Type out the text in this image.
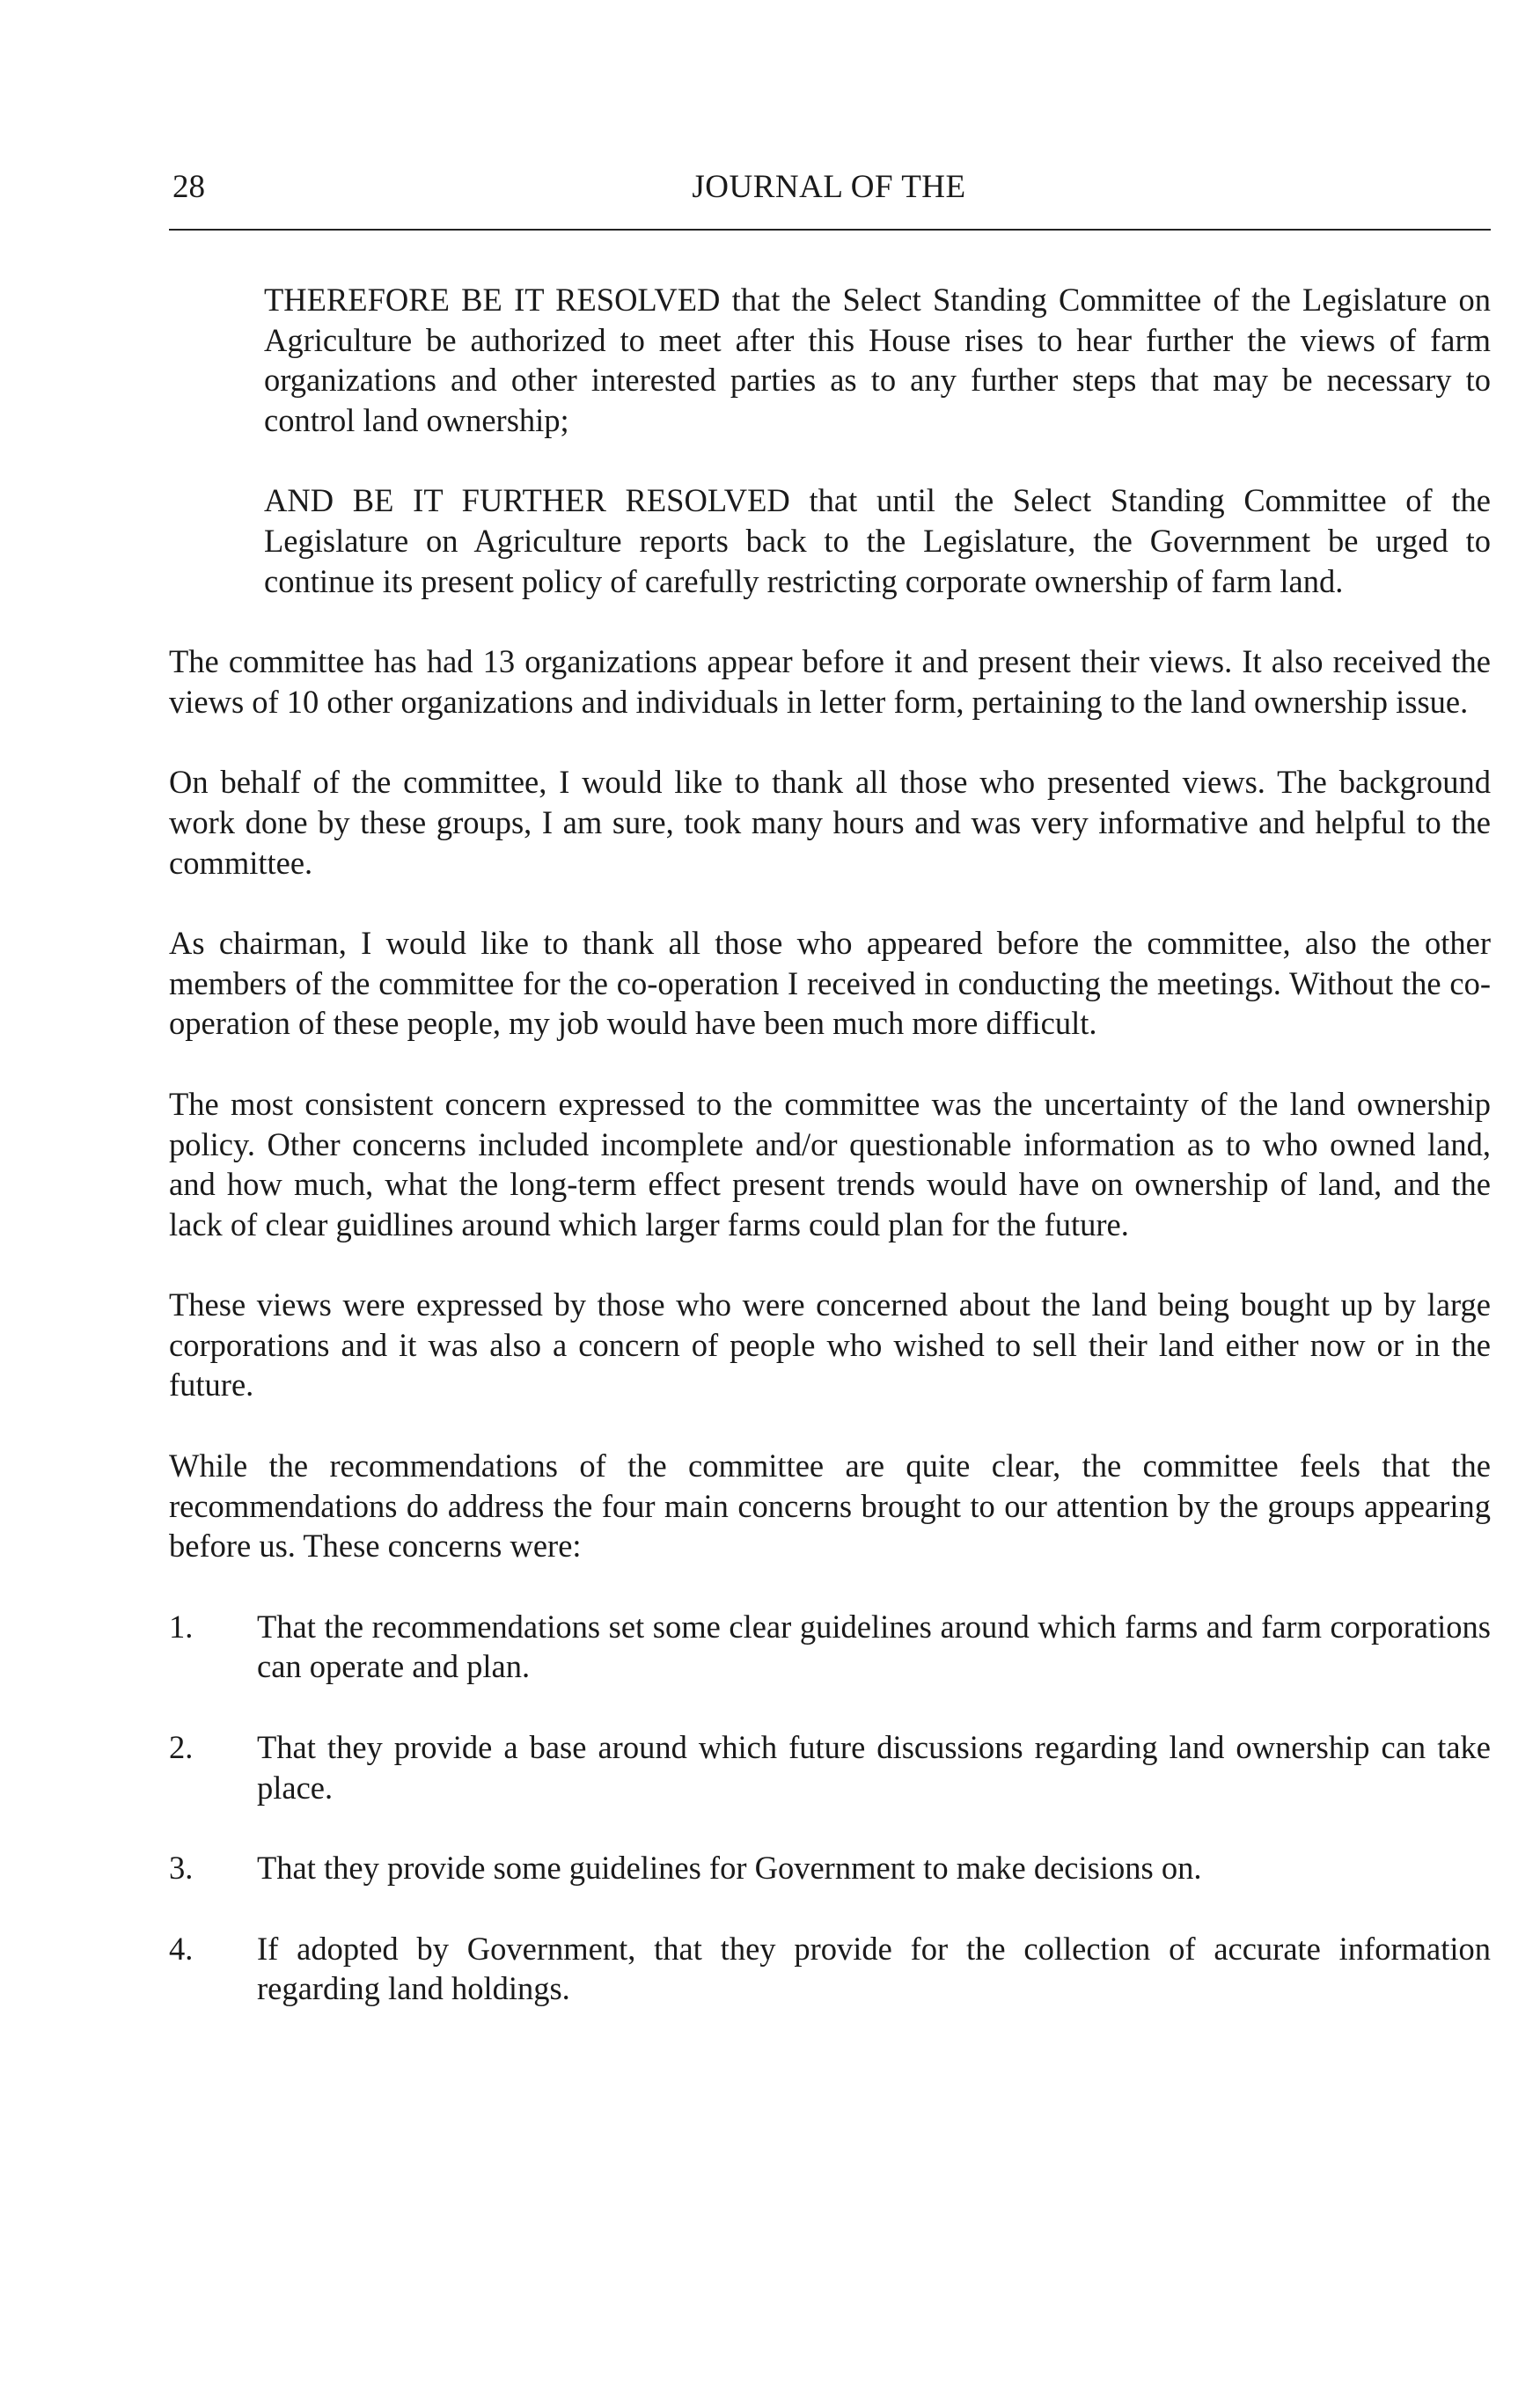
28	JOURNAL OF THE

THEREFORE BE IT RESOLVED that the Select Standing Committee of the Legislature on Agriculture be authorized to meet after this House rises to hear further the views of farm organizations and other interested parties as to any further steps that may be necessary to control land ownership;

AND BE IT FURTHER RESOLVED that until the Select Standing Committee of the Legislature on Agriculture reports back to the Legislature, the Government be urged to continue its present policy of carefully restricting corporate ownership of farm land.

The committee has had 13 organizations appear before it and present their views. It also received the views of 10 other organizations and individuals in letter form, pertaining to the land ownership issue.

On behalf of the committee, I would like to thank all those who presented views. The background work done by these groups, I am sure, took many hours and was very informative and helpful to the committee.

As chairman, I would like to thank all those who appeared before the committee, also the other members of the committee for the co-operation I received in conducting the meetings. Without the co-operation of these people, my job would have been much more difficult.

The most consistent concern expressed to the committee was the uncertainty of the land ownership policy. Other concerns included incomplete and/or questionable information as to who owned land, and how much, what the long-term effect present trends would have on ownership of land, and the lack of clear guidlines around which larger farms could plan for the future.

These views were expressed by those who were concerned about the land being bought up by large corporations and it was also a concern of people who wished to sell their land either now or in the future.

While the recommendations of the committee are quite clear, the committee feels that the recommendations do address the four main concerns brought to our attention by the groups appearing before us. These concerns were:

1. That the recommendations set some clear guidelines around which farms and farm corporations can operate and plan.
2. That they provide a base around which future discussions regarding land ownership can take place.
3. That they provide some guidelines for Government to make decisions on.
4. If adopted by Government, that they provide for the collection of accurate information regarding land holdings.
